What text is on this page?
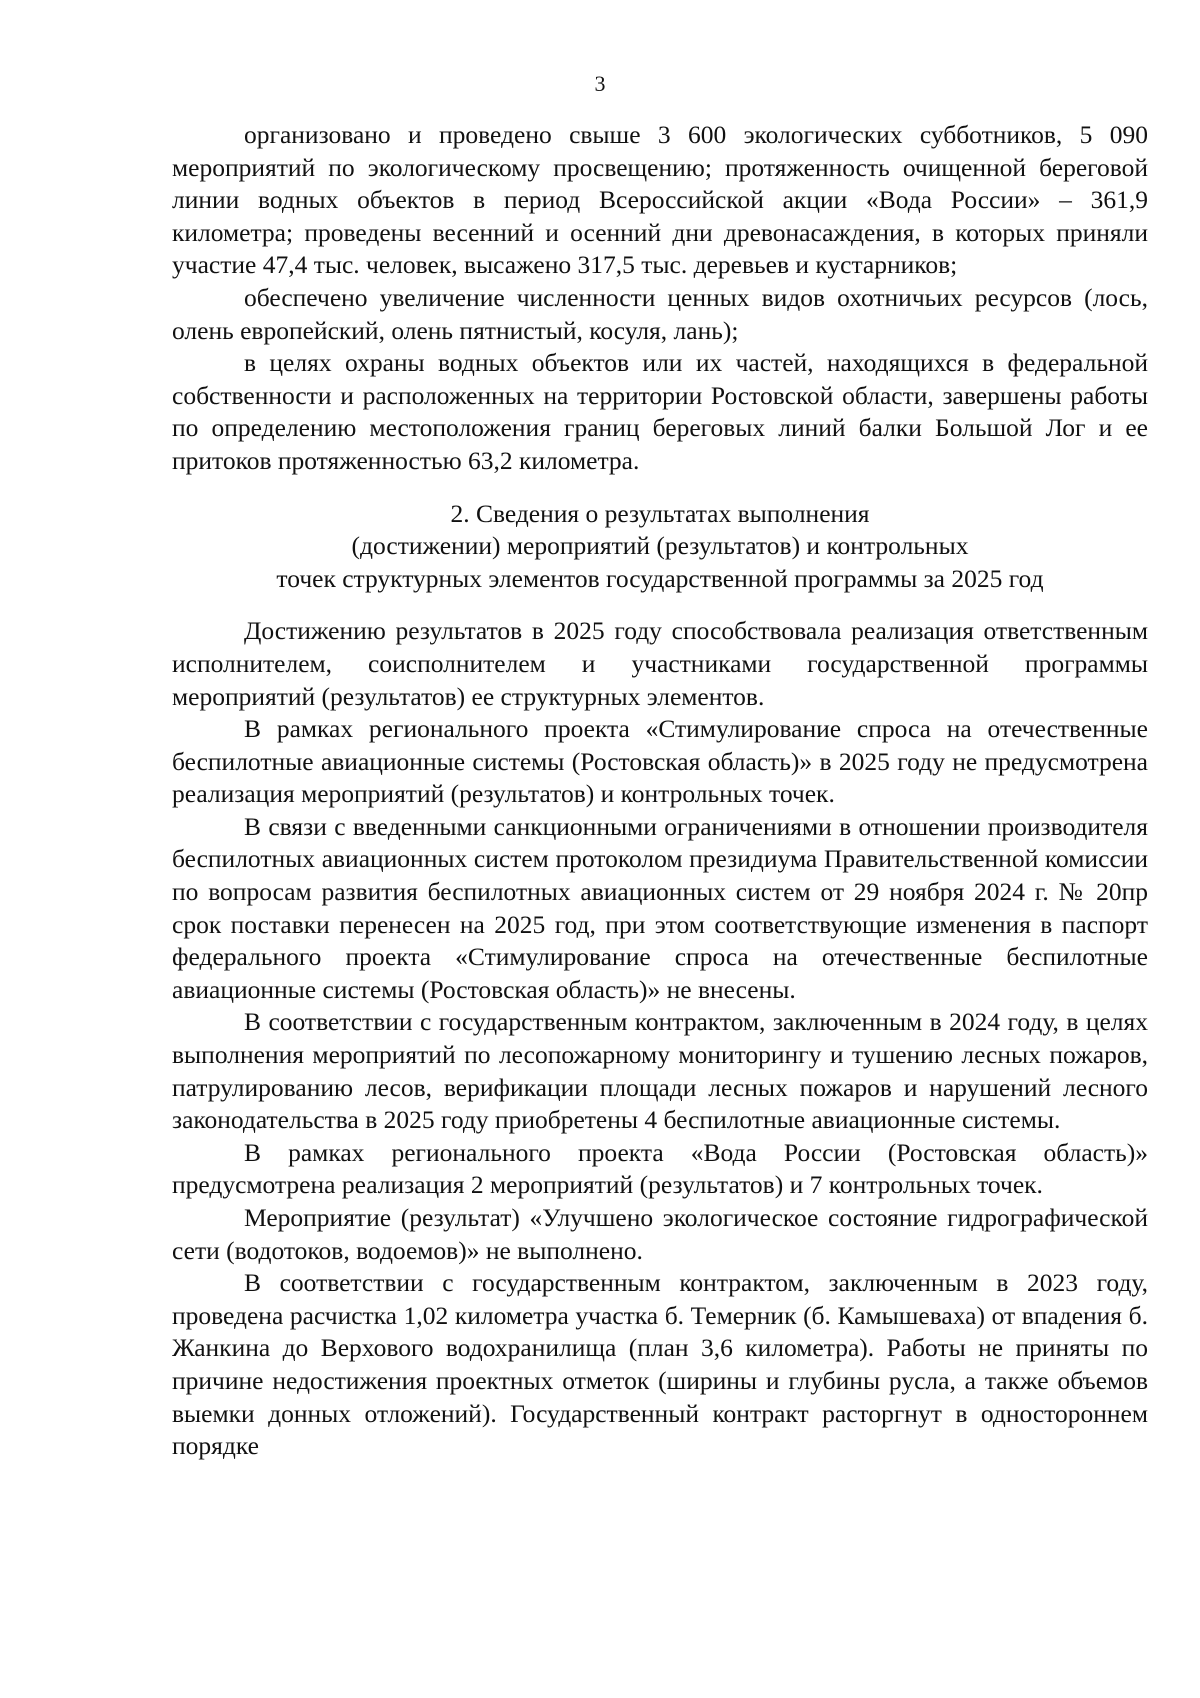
3

организовано и проведено свыше 3 600 экологических субботников, 5 090 мероприятий по экологическому просвещению; протяженность очищенной береговой линии водных объектов в период Всероссийской акции «Вода России» – 361,9 километра; проведены весенний и осенний дни древонасаждения, в которых приняли участие 47,4 тыс. человек, высажено 317,5 тыс. деревьев и кустарников;

обеспечено увеличение численности ценных видов охотничьих ресурсов (лось, олень европейский, олень пятнистый, косуля, лань);

в целях охраны водных объектов или их частей, находящихся в федеральной собственности и расположенных на территории Ростовской области, завершены работы по определению местоположения границ береговых линий балки Большой Лог и ее притоков протяженностью 63,2 километра.

2. Сведения о результатах выполнения
(достижении) мероприятий (результатов) и контрольных
точек структурных элементов государственной программы за 2025 год

Достижению результатов в 2025 году способствовала реализация ответственным исполнителем, соисполнителем и участниками государственной программы мероприятий (результатов) ее структурных элементов.

В рамках регионального проекта «Стимулирование спроса на отечественные беспилотные авиационные системы (Ростовская область)» в 2025 году не предусмотрена реализация мероприятий (результатов) и контрольных точек.

В связи с введенными санкционными ограничениями в отношении производителя беспилотных авиационных систем протоколом президиума Правительственной комиссии по вопросам развития беспилотных авиационных систем от 29 ноября 2024 г. № 20пр срок поставки перенесен на 2025 год, при этом соответствующие изменения в паспорт федерального проекта «Стимулирование спроса на отечественные беспилотные авиационные системы (Ростовская область)» не внесены.

В соответствии с государственным контрактом, заключенным в 2024 году, в целях выполнения мероприятий по лесопожарному мониторингу и тушению лесных пожаров, патрулированию лесов, верификации площади лесных пожаров и нарушений лесного законодательства в 2025 году приобретены 4 беспилотные авиационные системы.

В рамках регионального проекта «Вода России (Ростовская область)» предусмотрена реализация 2 мероприятий (результатов) и 7 контрольных точек.

Мероприятие (результат) «Улучшено экологическое состояние гидрографической сети (водотоков, водоемов)» не выполнено.

В соответствии с государственным контрактом, заключенным в 2023 году, проведена расчистка 1,02 километра участка б. Темерник (б. Камышеваха) от впадения б. Жанкина до Верхового водохранилища (план 3,6 километра). Работы не приняты по причине недостижения проектных отметок (ширины и глубины русла, а также объемов выемки донных отложений). Государственный контракт расторгнут в одностороннем порядке
